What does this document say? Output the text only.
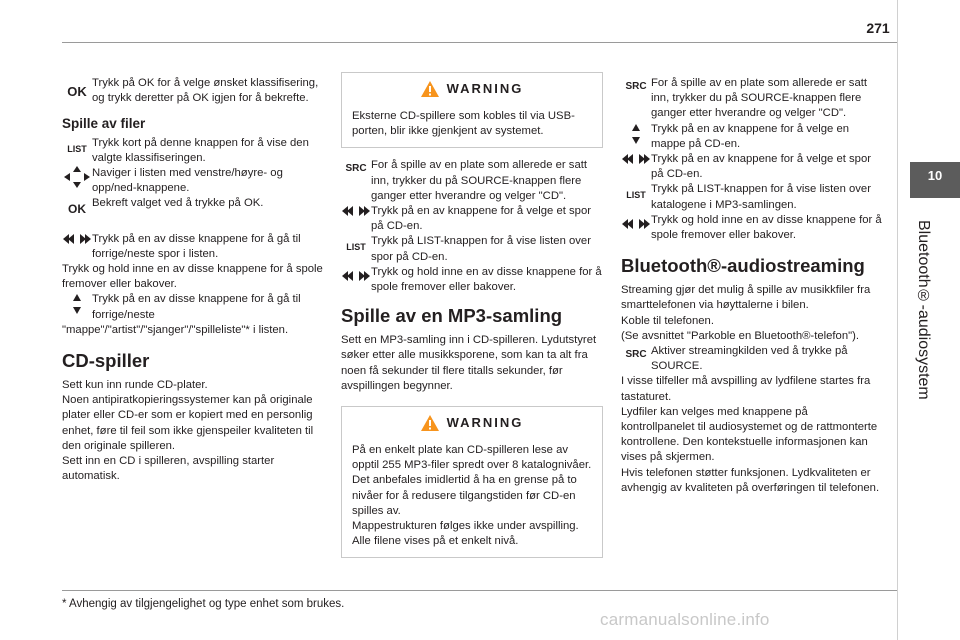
271
10
Bluetooth®-audiosystem
OK
Trykk på OK for å velge ønsket klassifisering, og trykk deretter på OK igjen for å bekrefte.
Spille av filer
LIST Trykk kort på denne knappen for å vise den valgte klassifiseringen.
Naviger i listen med venstre/høyre- og opp/ned-knappene.
OK Bekreft valget ved å trykke på OK.
Trykk på en av disse knappene for å gå til forrige/neste spor i listen.

Trykk og hold inne en av disse knappene for å spole fremover eller bakover.

Trykk på en av disse knappene for å gå til forrige/neste

"mappe"/"artist"/"sjanger"/"spilleliste"* i listen.

CD-spiller

Sett kun inn runde CD-plater.

Noen antipiratkopieringssystemer kan på originale plater eller CD-er som er kopiert med en personlig enhet, føre til feil som ikke gjenspeiler kvaliteten til den originale spilleren.

Sett inn en CD i spilleren, avspilling starter automatisk.

WARNING

Eksterne CD-spillere som kobles til via USB-porten, blir ikke gjenkjent av systemet.

SRC For å spille av en plate som allerede er satt inn, trykker du på SOURCE-knappen flere ganger etter hverandre og velger "CD".
Trykk på en av knappene for å velge et spor på CD-en.
LIST Trykk på LIST-knappen for å vise listen over spor på CD-en.
Trykk og hold inne en av disse knappene for å spole fremover eller bakover.
Spille av en MP3-samling

Sett en MP3-samling inn i CD-spilleren. Lydutstyret søker etter alle musikksporene, som kan ta alt fra noen få sekunder til flere titalls sekunder, før avspillingen begynner.

WARNING

På en enkelt plate kan CD-spilleren lese av opptil 255 MP3-filer spredt over 8 katalognivåer.

Det anbefales imidlertid å ha en grense på to nivåer for å redusere tilgangstiden før CD-en spilles av.

Mappestrukturen følges ikke under avspilling. Alle filene vises på et enkelt nivå.

SRC For å spille av en plate som allerede er satt inn, trykker du på SOURCE-knappen flere ganger etter hverandre og velger "CD".
Trykk på en av knappene for å velge en mappe på CD-en.
Trykk på en av knappene for å velge et spor på CD-en.
LIST Trykk på LIST-knappen for å vise listen over katalogene i MP3-samlingen.
Trykk og hold inne en av disse knappene for å spole fremover eller bakover.
Bluetooth®-audiostreaming

Streaming gjør det mulig å spille av musikkfiler fra smarttelefonen via høyttalerne i bilen.

Koble til telefonen.

(Se avsnittet "Parkoble en Bluetooth®-telefon").

SRC Aktiver streamingkilden ved å trykke på SOURCE.

I visse tilfeller må avspilling av lydfilene startes fra tastaturet.

Lydfiler kan velges med knappene på kontrollpanelet til audiosystemet og de rattmonterte kontrollene. Den kontekstuelle informasjonen kan vises på skjermen.

Hvis telefonen støtter funksjonen. Lydkvaliteten er avhengig av kvaliteten på overføringen til telefonen.

* Avhengig av tilgjengelighet og type enhet som brukes.
carmanualsonline.info
